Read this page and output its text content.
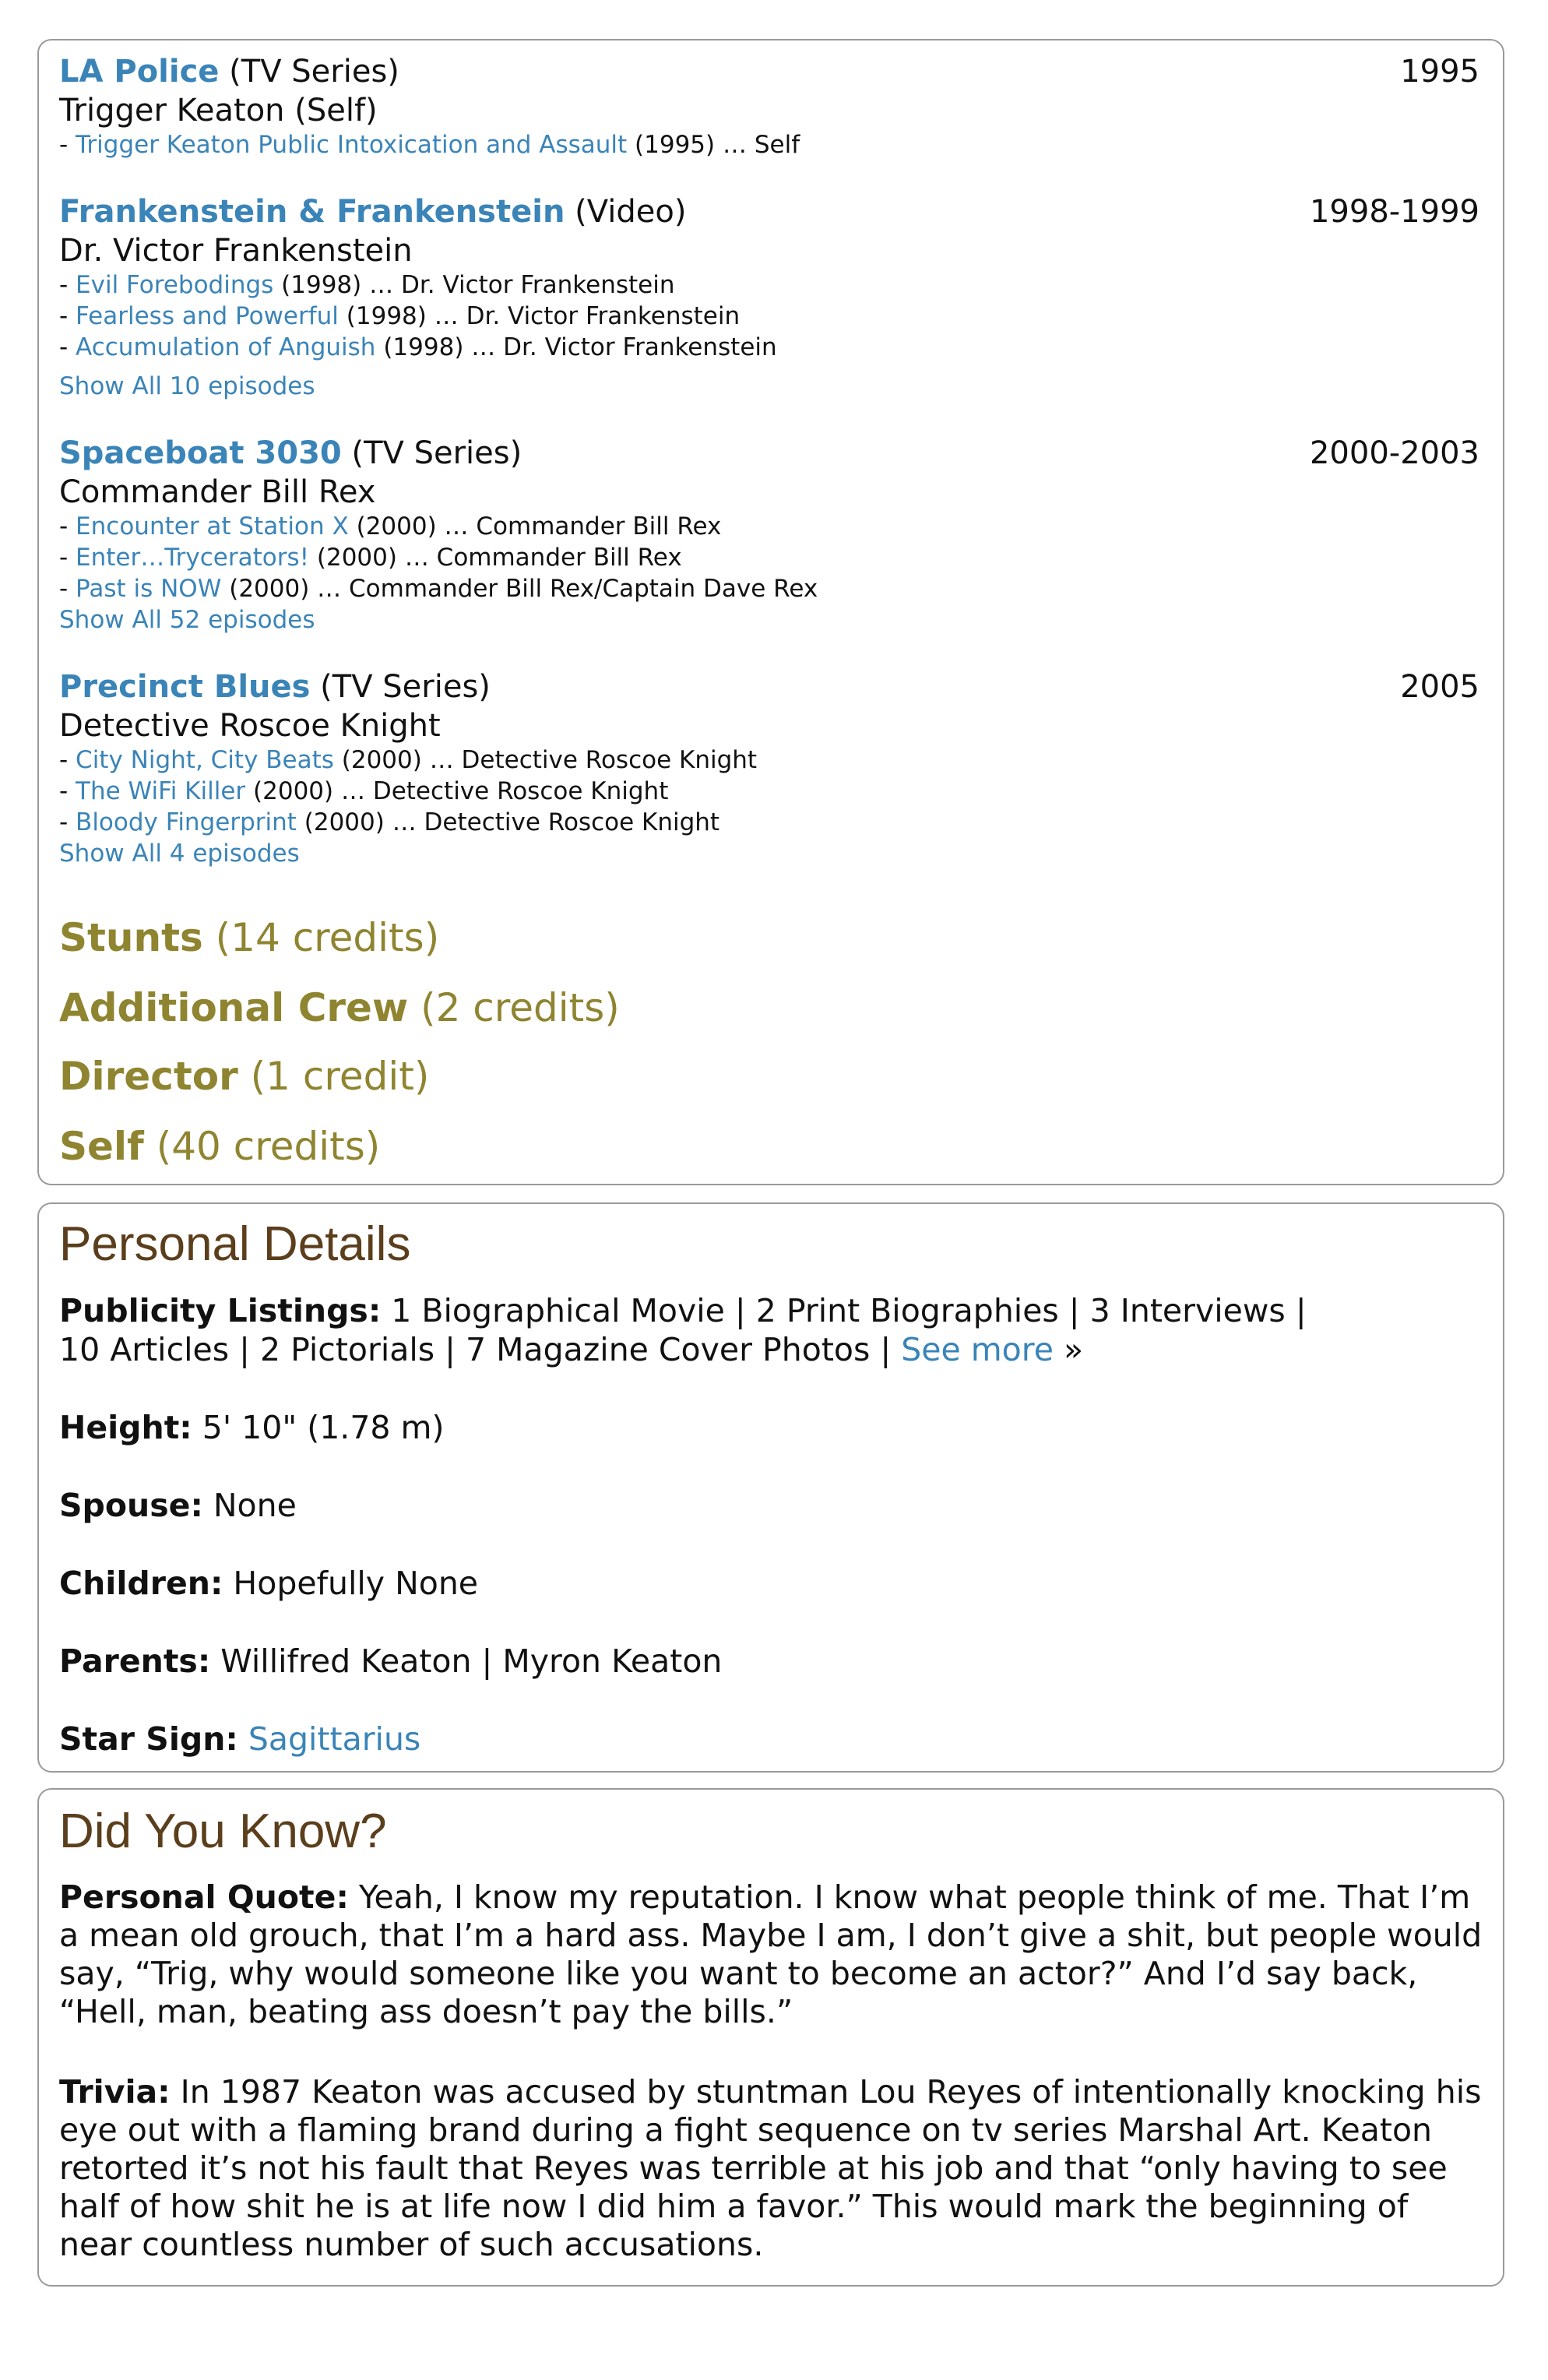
LA Police (TV Series)	1995
Trigger Keaton (Self)
- Trigger Keaton Public Intoxication and Assault (1995) … Self
Frankenstein & Frankenstein (Video)	1998-1999
Dr. Victor Frankenstein
- Evil Forebodings (1998) … Dr. Victor Frankenstein
- Fearless and Powerful (1998) … Dr. Victor Frankenstein
- Accumulation of Anguish (1998) … Dr. Victor Frankenstein
Show All 10 episodes
Spaceboat 3030 (TV Series)	2000-2003
Commander Bill Rex
- Encounter at Station X (2000) … Commander Bill Rex
- Enter…Trycerators! (2000) … Commander Bill Rex
- Past is NOW (2000) … Commander Bill Rex/Captain Dave Rex
Show All 52 episodes
Precinct Blues (TV Series)	2005
Detective Roscoe Knight
- City Night, City Beats (2000) … Detective Roscoe Knight
- The WiFi Killer (2000) … Detective Roscoe Knight
- Bloody Fingerprint (2000) … Detective Roscoe Knight
Show All 4 episodes
Stunts (14 credits)
Additional Crew (2 credits)
Director (1 credit)
Self (40 credits)
Personal Details
Publicity Listings: 1 Biographical Movie | 2 Print Biographies | 3 Interviews |
10 Articles | 2 Pictorials | 7 Magazine Cover Photos | See more »
Height: 5' 10" (1.78 m)
Spouse: None
Children: Hopefully None
Parents: Willifred Keaton | Myron Keaton
Star Sign: Sagittarius
Did You Know?
Personal Quote: Yeah, I know my reputation. I know what people think of me. That I’m a mean old grouch, that I’m a hard ass. Maybe I am, I don’t give a shit, but people would say, “Trig, why would someone like you want to become an actor?” And I’d say back, “Hell, man, beating ass doesn’t pay the bills.”
Trivia: In 1987 Keaton was accused by stuntman Lou Reyes of intentionally knocking his eye out with a flaming brand during a fight sequence on tv series Marshal Art. Keaton retorted it’s not his fault that Reyes was terrible at his job and that “only having to see half of how shit he is at life now I did him a favor.” This would mark the beginning of near countless number of such accusations.
